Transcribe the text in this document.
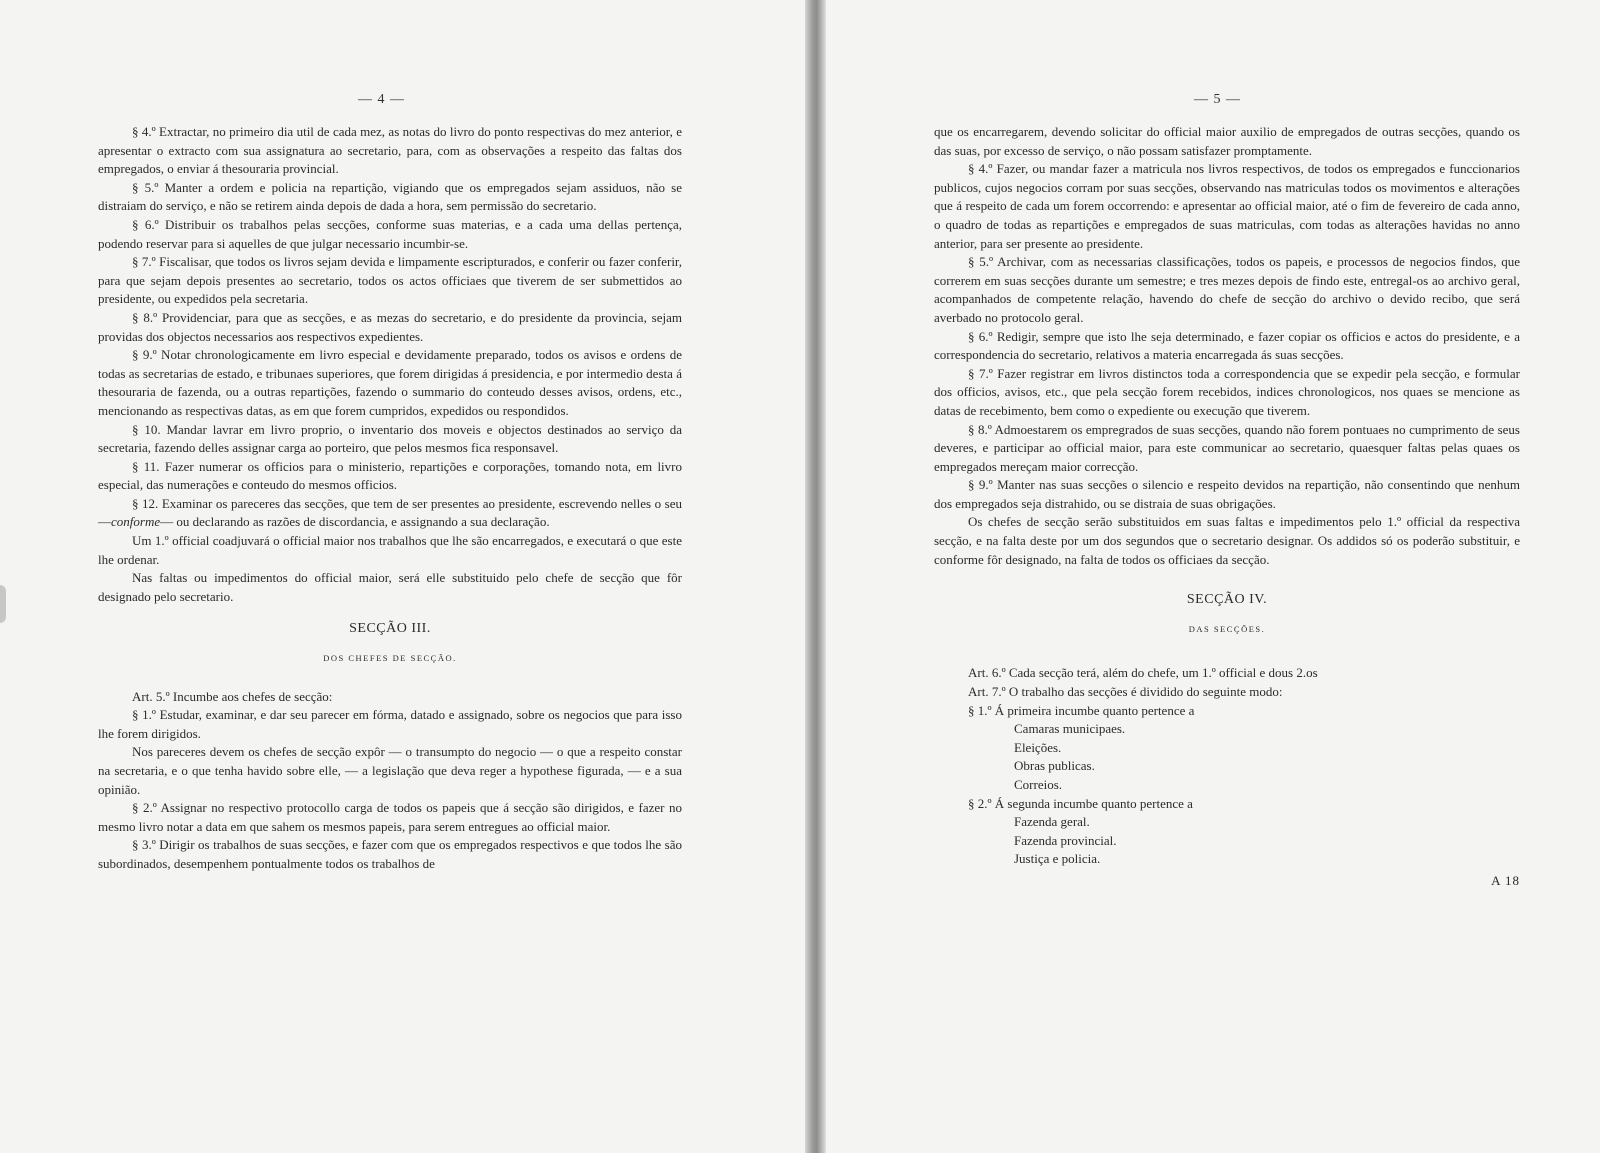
— 4 —

§ 4.º Extractar, no primeiro dia util de cada mez, as notas do livro do ponto respectivas do mez anterior, e apresentar o extracto com sua assignatura ao secretario, para, com as observações a respeito das faltas dos empregados, o enviar á thesouraria provincial.

§ 5.º Manter a ordem e policia na repartição, vigiando que os empregados sejam assiduos, não se distraiam do serviço, e não se retirem ainda depois de dada a hora, sem permissão do secretario.

§ 6.º Distribuir os trabalhos pelas secções, conforme suas materias, e a cada uma dellas pertença, podendo reservar para si aquelles de que julgar necessario incumbir-se.

§ 7.º Fiscalisar, que todos os livros sejam devida e limpamente escripturados, e conferir ou fazer conferir, para que sejam depois presentes ao secretario, todos os actos officiaes que tiverem de ser submettidos ao presidente, ou expedidos pela secretaria.

§ 8.º Providenciar, para que as secções, e as mezas do secretario, e do presidente da provincia, sejam providas dos objectos necessarios aos respectivos expedientes.

§ 9.º Notar chronologicamente em livro especial e devidamente preparado, todos os avisos e ordens de todas as secretarias de estado, e tribunaes superiores, que forem dirigidas á presidencia, e por intermedio desta á thesouraria de fazenda, ou a outras repartições, fazendo o summario do conteudo desses avisos, ordens, etc., mencionando as respectivas datas, as em que forem cumpridos, expedidos ou respondidos.

§ 10. Mandar lavrar em livro proprio, o inventario dos moveis e objectos destinados ao serviço da secretaria, fazendo delles assignar carga ao porteiro, que pelos mesmos fica responsavel.

§ 11. Fazer numerar os officios para o ministerio, repartições e corporações, tomando nota, em livro especial, das numerações e conteudo do mesmos officios.

§ 12. Examinar os pareceres das secções, que tem de ser presentes ao presidente, escrevendo nelles o seu —conforme— ou declarando as razões de discordancia, e assignando a sua declaração.

Um 1.º official coadjuvará o official maior nos trabalhos que lhe são encarregados, e executará o que este lhe ordenar.

Nas faltas ou impedimentos do official maior, será elle substituido pelo chefe de secção que fôr designado pelo secretario.

SECÇÃO III.
DOS CHEFES DE SECÇÃO.

Art. 5.º Incumbe aos chefes de secção:

§ 1.º Estudar, examinar, e dar seu parecer em fórma, datado e assignado, sobre os negocios que para isso lhe forem dirigidos.

Nos pareceres devem os chefes de secção expôr — o transumpto do negocio — o que a respeito constar na secretaria, e o que tenha havido sobre elle, — a legislação que deva reger a hypothese figurada, — e a sua opinião.

§ 2.º Assignar no respectivo protocollo carga de todos os papeis que á secção são dirigidos, e fazer no mesmo livro notar a data em que sahem os mesmos papeis, para serem entregues ao official maior.

§ 3.º Dirigir os trabalhos de suas secções, e fazer com que os empregados respectivos e que todos lhe são subordinados, desempenhem pontualmente todos os trabalhos de

— 5 —

que os encarregarem, devendo solicitar do official maior auxilio de empregados de outras secções, quando os das suas, por excesso de serviço, o não possam satisfazer promptamente.

§ 4.º Fazer, ou mandar fazer a matricula nos livros respectivos, de todos os empregados e funccionarios publicos, cujos negocios corram por suas secções, observando nas matriculas todos os movimentos e alterações que á respeito de cada um forem occorrendo: e apresentar ao official maior, até o fim de fevereiro de cada anno, o quadro de todas as repartições e empregados de suas matriculas, com todas as alterações havidas no anno anterior, para ser presente ao presidente.

§ 5.º Archivar, com as necessarias classificações, todos os papeis, e processos de negocios findos, que correrem em suas secções durante um semestre; e tres mezes depois de findo este, entregal-os ao archivo geral, acompanhados de competente relação, havendo do chefe de secção do archivo o devido recibo, que será averbado no protocolo geral.

§ 6.º Redigir, sempre que isto lhe seja determinado, e fazer copiar os officios e actos do presidente, e a correspondencia do secretario, relativos a materia encarregada ás suas secções.

§ 7.º Fazer registrar em livros distinctos toda a correspondencia que se expedir pela secção, e formular dos officios, avisos, etc., que pela secção forem recebidos, indices chronologicos, nos quaes se mencione as datas de recebimento, bem como o expediente ou execução que tiverem.

§ 8.º Admoestarem os empregrados de suas secções, quando não forem pontuaes no cumprimento de seus deveres, e participar ao official maior, para este communicar ao secretario, quaesquer faltas pelas quaes os empregados mereçam maior correcção.

§ 9.º Manter nas suas secções o silencio e respeito devidos na repartição, não consentindo que nenhum dos empregados seja distrahido, ou se distraia de suas obrigações.

Os chefes de secção serão substituidos em suas faltas e impedimentos pelo 1.º official da respectiva secção, e na falta deste por um dos segundos que o secretario designar. Os addidos só os poderão substituir, e conforme fôr designado, na falta de todos os officiaes da secção.

SECÇÃO IV.
DAS SECÇÕES.

Art. 6.º Cada secção terá, além do chefe, um 1.º official e dous 2.os

Art. 7.º O trabalho das secções é dividido do seguinte modo:

§ 1.º Á primeira incumbe quanto pertence a

Camaras municipaes.
Eleições.
Obras publicas.
Correios.

§ 2.º Á segunda incumbe quanto pertence a

Fazenda geral.
Fazenda provincial.
Justiça e policia.
A 18
